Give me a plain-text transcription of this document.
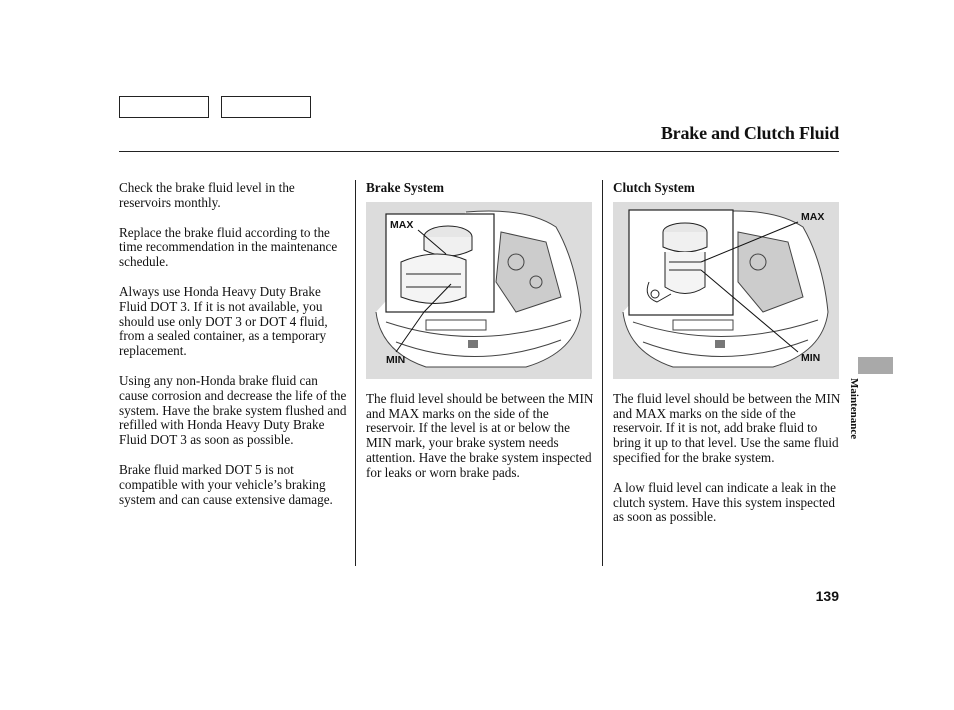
Brake and Clutch Fluid

Check the brake fluid level in the reservoirs monthly.

Replace the brake fluid according to the time recommendation in the maintenance schedule.

Always use Honda Heavy Duty Brake Fluid DOT 3. If it is not available, you should use only DOT 3 or DOT 4 fluid, from a sealed container, as a temporary replacement.

Using any non-Honda brake fluid can cause corrosion and decrease the life of the system. Have the brake system flushed and refilled with Honda Heavy Duty Brake Fluid DOT 3 as soon as possible.

Brake fluid marked DOT 5 is not compatible with your vehicle’s braking system and can cause extensive damage.

Brake System
MAX
MIN

The fluid level should be between the MIN and MAX marks on the side of the reservoir. If the level is at or below the MIN mark, your brake system needs attention. Have the brake system inspected for leaks or worn brake pads.

Clutch System
MAX
MIN

The fluid level should be between the MIN and MAX marks on the side of the reservoir. If it is not, add brake fluid to bring it up to that level. Use the same fluid specified for the brake system.

A low fluid level can indicate a leak in the clutch system. Have this system inspected as soon as possible.

Maintenance
139
